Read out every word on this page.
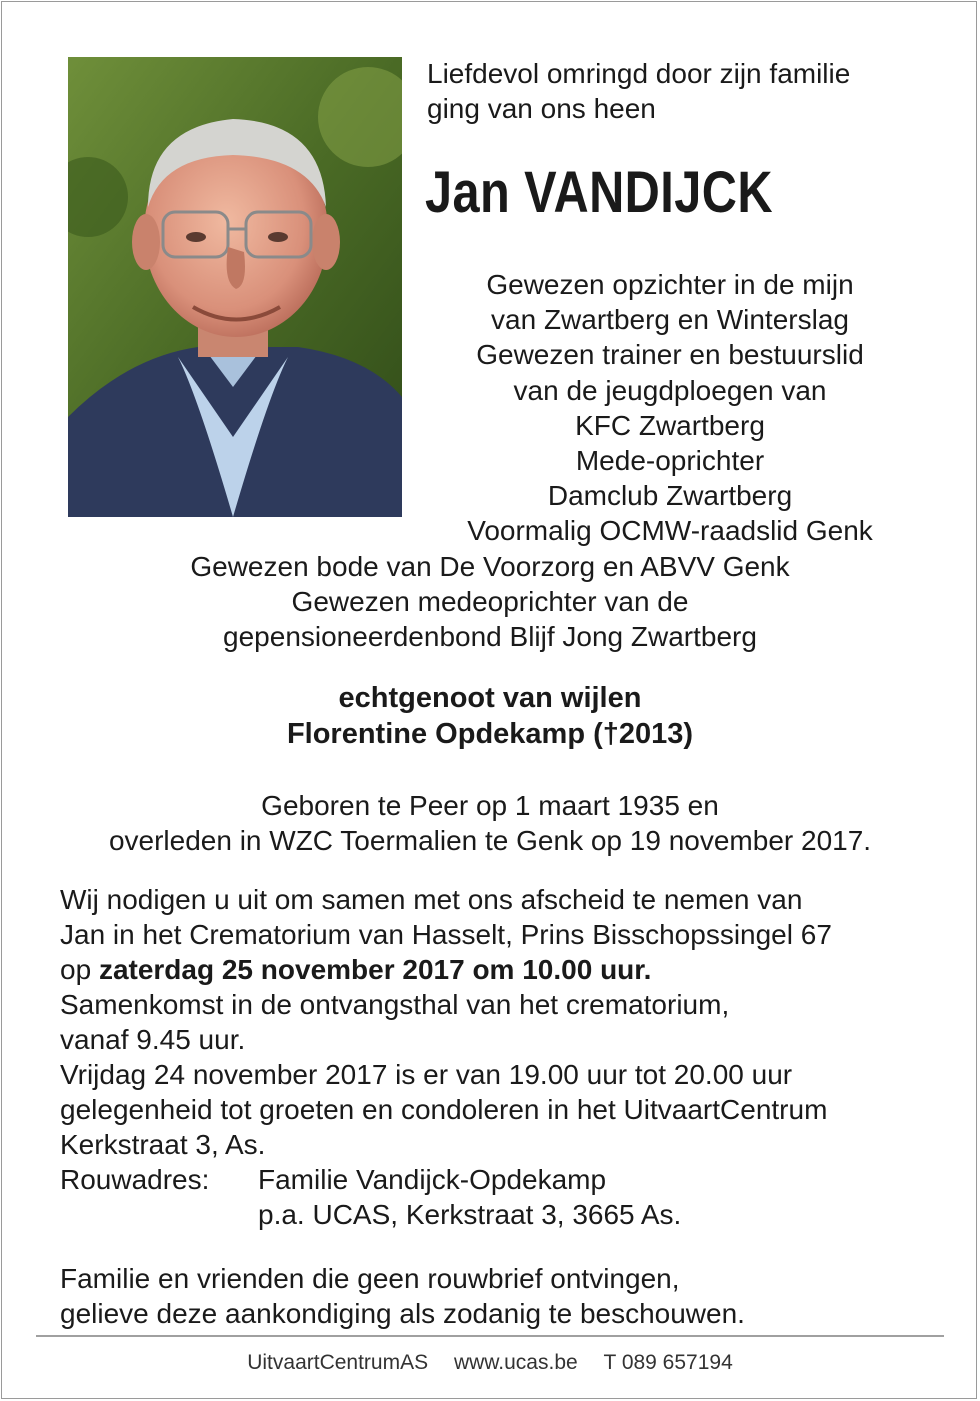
Liefdevol omringd door zijn familie
ging van ons heen
Jan VANDIJCK
Gewezen opzichter in de mijn
van Zwartberg en Winterslag
Gewezen trainer en bestuurslid
van de jeugdploegen van
KFC Zwartberg
Mede-oprichter
Damclub Zwartberg
Voormalig OCMW-raadslid Genk
Gewezen bode van De Voorzorg en ABVV Genk
Gewezen medeoprichter van de
gepensioneerdenbond Blijf Jong Zwartberg
echtgenoot van wijlen
Florentine Opdekamp (†2013)
Geboren te Peer op 1 maart 1935 en
overleden in WZC Toermalien te Genk op 19 november 2017.
Wij nodigen u uit om samen met ons afscheid te nemen van
Jan in het Crematorium van Hasselt, Prins Bisschopssingel 67
op zaterdag 25 november 2017 om 10.00 uur.
Samenkomst in de ontvangsthal van het crematorium,
vanaf 9.45 uur.
Vrijdag 24 november 2017 is er van 19.00 uur tot 20.00 uur
gelegenheid tot groeten en condoleren in het UitvaartCentrum
Kerkstraat 3, As.
Rouwadres:	Familie Vandijck-Opdekamp
p.a. UCAS, Kerkstraat 3, 3665 As.
Familie en vrienden die geen rouwbrief ontvingen,
gelieve deze aankondiging als zodanig te beschouwen.
UitvaartCentrumAS www.ucas.be T 089 657194
